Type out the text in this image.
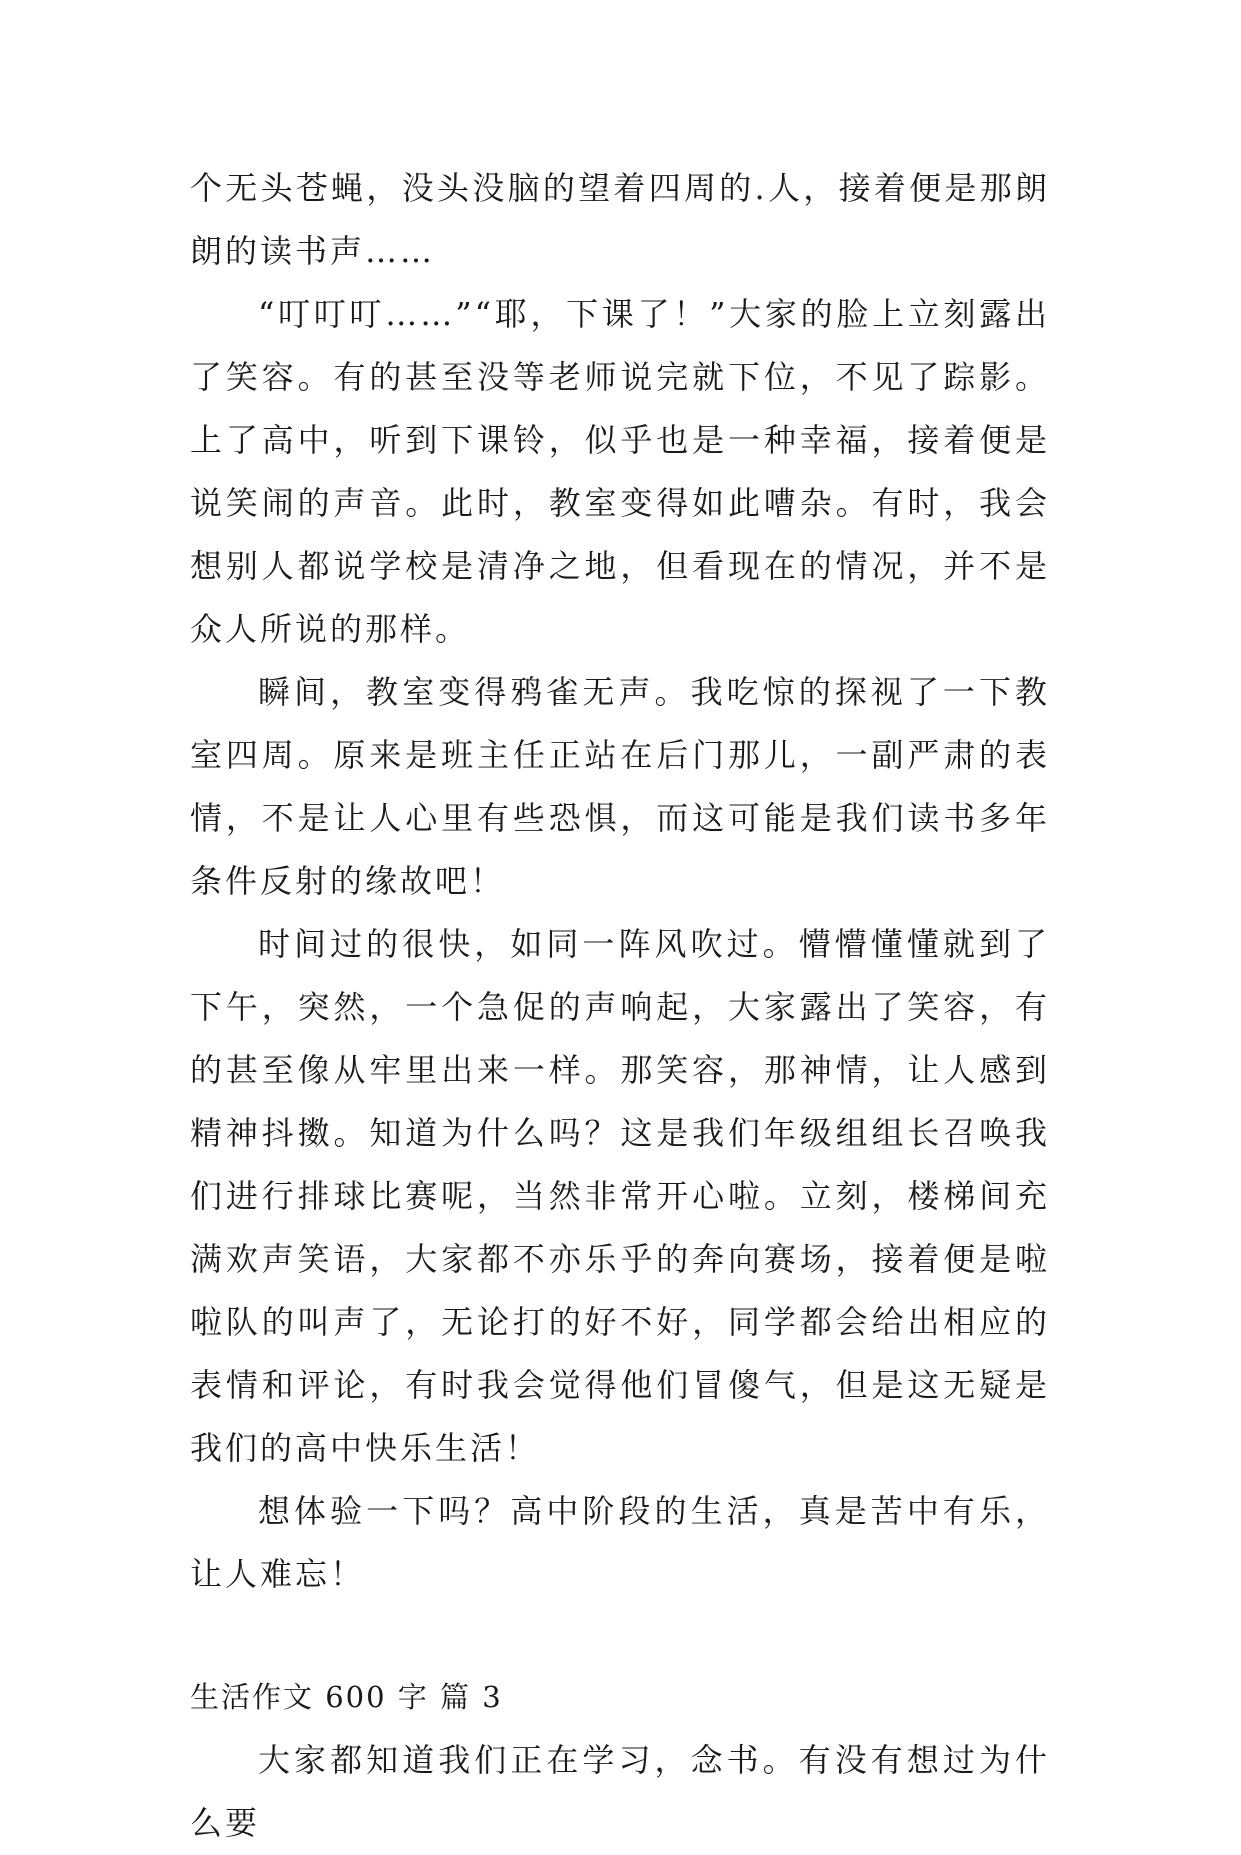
个无头苍蝇，没头没脑的望着四周的.人，接着便是那朗朗的读书声……

“叮叮叮……”“耶，下课了！”大家的脸上立刻露出了笑容。有的甚至没等老师说完就下位，不见了踪影。上了高中，听到下课铃，似乎也是一种幸福，接着便是说笑闹的声音。此时，教室变得如此嘈杂。有时，我会想别人都说学校是清净之地，但看现在的情况，并不是众人所说的那样。

瞬间，教室变得鸦雀无声。我吃惊的探视了一下教室四周。原来是班主任正站在后门那儿，一副严肃的表情，不是让人心里有些恐惧，而这可能是我们读书多年条件反射的缘故吧！

时间过的很快，如同一阵风吹过。懵懵懂懂就到了下午，突然，一个急促的声响起，大家露出了笑容，有的甚至像从牢里出来一样。那笑容，那神情，让人感到精神抖擞。知道为什么吗？这是我们年级组组长召唤我们进行排球比赛呢，当然非常开心啦。立刻，楼梯间充满欢声笑语，大家都不亦乐乎的奔向赛场，接着便是啦啦队的叫声了，无论打的好不好，同学都会给出相应的表情和评论，有时我会觉得他们冒傻气，但是这无疑是我们的高中快乐生活！

想体验一下吗？高中阶段的生活，真是苦中有乐，让人难忘！

生活作文 600 字 篇 3

大家都知道我们正在学习，念书。有没有想过为什么要
